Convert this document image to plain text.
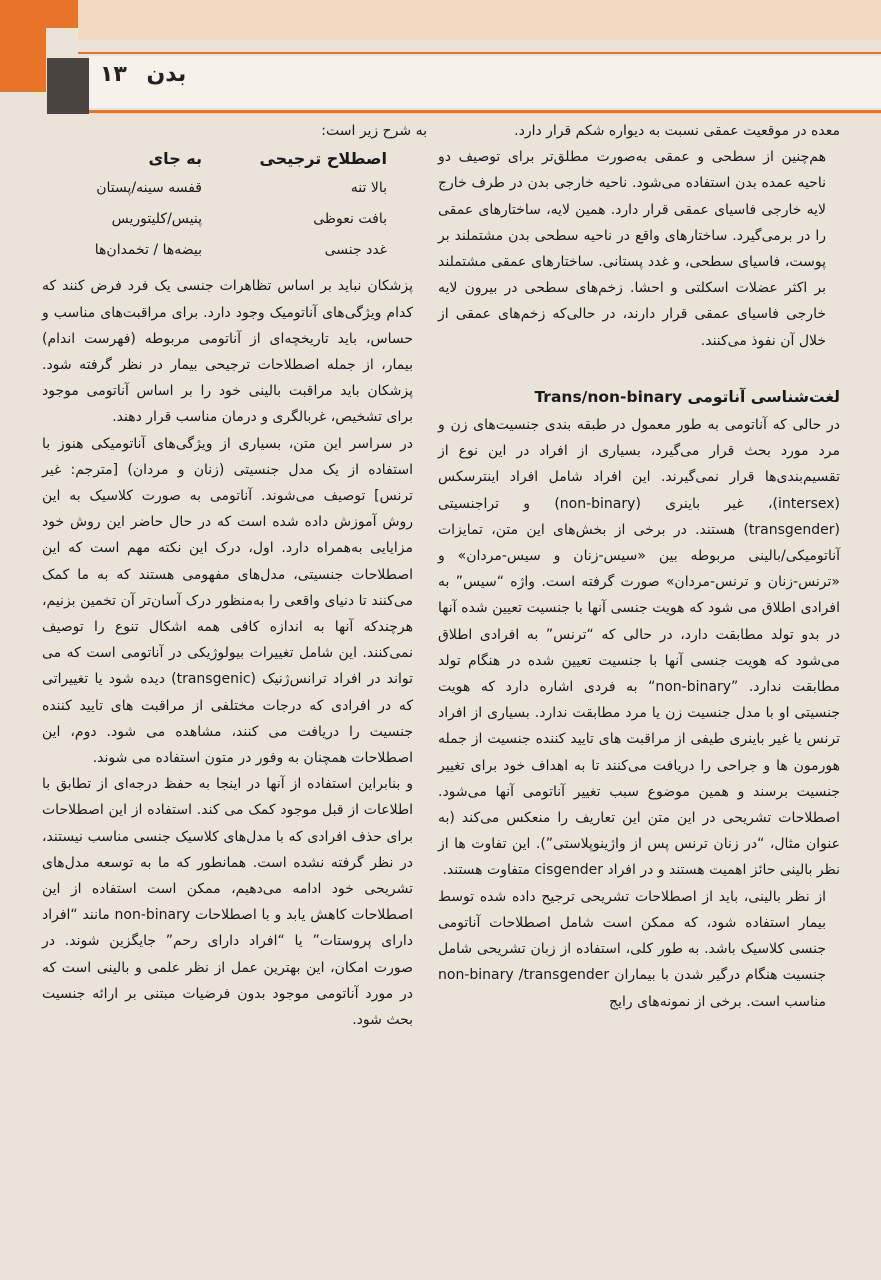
بدن ۱۳

معده در موقعیت عمقی نسبت به دیواره شکم قرار دارد.

هم‌چنین از سطحی و عمقی به‌صورت مطلق‌تر برای توصیف دو ناحیه عمده بدن استفاده می‌شود. ناحیه خارجی بدن در طرف خارج لایه خارجی فاسیای عمقی قرار دارد. همین لایه، ساختارهای عمقی را در برمی‌گیرد. ساختارهای واقع در ناحیه سطحی بدن مشتملند بر پوست، فاسیای سطحی، و غدد پستانی. ساختارهای عمقی مشتملند بر اکثر عضلات اسکلتی و احشا. زخم‌های سطحی در بیرون لایه خارجی فاسیای عمقی قرار دارند، در حالی‌که زخم‌های عمقی از خلال آن نفوذ می‌کنند.

لغت‌شناسی آناتومی Trans/non-binary

در حالی که آناتومی به طور معمول در طبقه بندی جنسیت‌های زن و مرد مورد بحث قرار می‌گیرد، بسیاری از افراد در این نوع از تقسیم‌بندی‌ها قرار نمی‌گیرند. این افراد شامل افراد اینترسکس (intersex)، غیر باینری (non-binary) و تراجنسیتی (transgender) هستند. در برخی از بخش‌های این متن، تمایزات آناتومیکی/بالینی مربوطه بین «سیس-زنان و سیس-مردان» و «ترنس-زنان و ترنس-مردان» صورت گرفته است. واژه “سیس” به افرادی اطلاق می شود که هویت جنسی آنها با جنسیت تعیین شده آنها در بدو تولد مطابقت دارد، در حالی که “ترنس” به افرادی اطلاق می‌شود که هویت جنسی آنها با جنسیت تعیین شده در هنگام تولد مطابقت ندارد. ”non-binary“ به فردی اشاره دارد که هویت جنسیتی او با مدل جنسیت زن یا مرد مطابقت ندارد. بسیاری از افراد ترنس یا غیر باینری طیفی از مراقبت های تایید کننده جنسیت از جمله هورمون ها و جراحی را دریافت می‌کنند تا به اهداف خود برای تغییر جنسیت برسند و همین موضوع سبب تغییر آناتومی آنها می‌شود. اصطلاحات تشریحی در این متن این تعاریف را منعکس می‌کند (به عنوان مثال، “در زنان ترنس پس از واژینوپلاستی”). این تفاوت ها از نظر بالینی حائز اهمیت هستند و در افراد cisgender متفاوت هستند.

از نظر بالینی، باید از اصطلاحات تشریحی ترجیح داده شده توسط بیمار استفاده شود، که ممکن است شامل اصطلاحات آناتومی جنسی کلاسیک باشد. به طور کلی، استفاده از زبان تشریحی شامل جنسیت هنگام درگیر شدن با بیماران non-binary /transgender مناسب است. برخی از نمونه‌های رایج

به شرح زیر است:

اصطلاح ترجیحی
به جای
بالا تنه
قفسه سینه/پستان
بافت نعوظی
پنیس/کلیتوریس
غدد جنسی
بیضه‌ها / تخمدان‌ها

پزشکان نباید بر اساس تظاهرات جنسی یک فرد فرض کنند که کدام ویژگی‌های آناتومیک وجود دارد. برای مراقبت‌های مناسب و حساس، باید تاریخچه‌ای از آناتومی مربوطه (فهرست اندام) بیمار، از جمله اصطلاحات ترجیحی بیمار در نظر گرفته شود. پزشکان باید مراقبت بالینی خود را بر اساس آناتومی موجود برای تشخیص، غربالگری و درمان مناسب قرار دهند.

در سراسر این متن، بسیاری از ویژگی‌های آناتومیکی هنوز با استفاده از یک مدل جنسیتی (زنان و مردان) [مترجم: غیر ترنس] توصیف می‌شوند. آناتومی به صورت کلاسیک به این روش آموزش داده شده است که در حال حاضر این روش خود مزایایی به‌همراه دارد. اول، درک این نکته مهم است که این اصطلاحات جنسیتی، مدل‌های مفهومی هستند که به ما کمک می‌کنند تا دنیای واقعی را به‌منظور درک آسان‌تر آن تخمین بزنیم، هرچندکه آنها به اندازه کافی همه اشکال تنوع را توصیف نمی‌کنند. این شامل تغییرات بیولوژیکی در آناتومی است که می تواند در افراد ترانس‌ژنیک (transgenic) دیده شود یا تغییراتی که در افرادی که درجات مختلفی از مراقبت های تایید کننده جنسیت را دریافت می کنند، مشاهده می شود. دوم، این اصطلاحات همچنان به وفور در متون استفاده می شوند.

و بنابراین استفاده از آنها در اینجا به حفظ درجه‌ای از تطابق با اطلاعات از قبل موجود کمک می کند. استفاده از این اصطلاحات برای حذف افرادی که با مدل‌های کلاسیک جنسی مناسب نیستند، در نظر گرفته نشده است. همانطور که ما به توسعه مدل‌های تشریحی خود ادامه می‌دهیم، ممکن است استفاده از این اصطلاحات کاهش یابد و با اصطلاحات non-binary مانند “افراد دارای پروستات” یا “افراد دارای رحم” جایگزین شوند. در صورت امکان، این بهترین عمل از نظر علمی و بالینی است که در مورد آناتومی موجود بدون فرضیات مبتنی بر ارائه جنسیت بحث شود.
